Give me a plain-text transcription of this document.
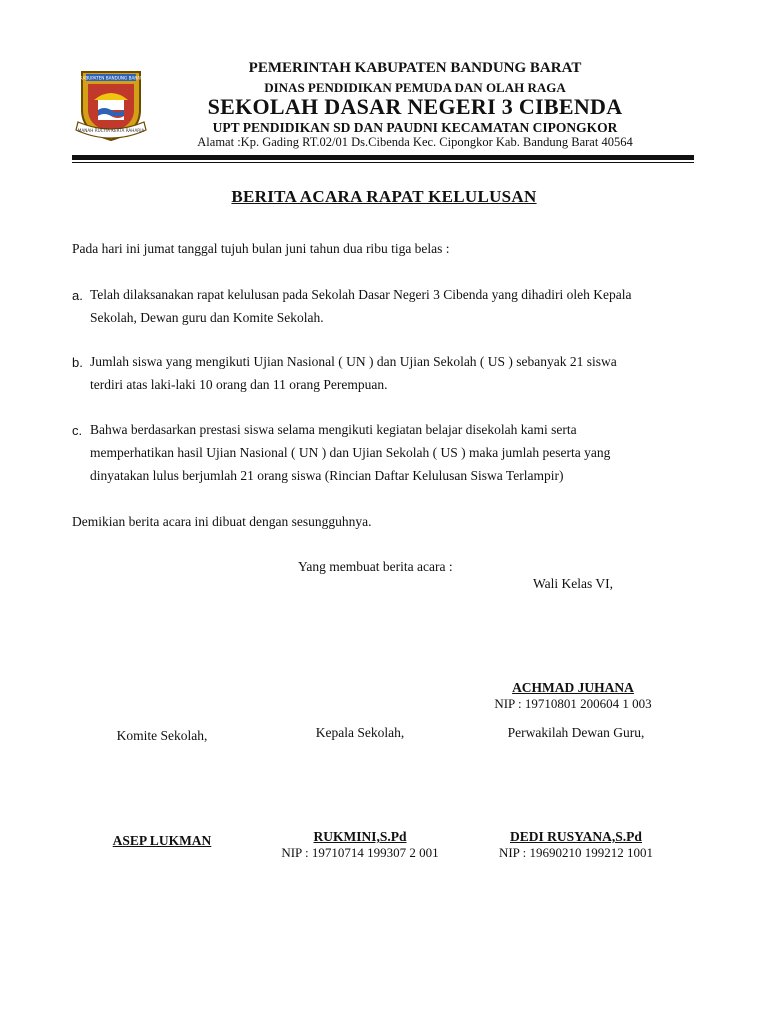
KABUPATEN BANDUNG BARAT
MANAH RUCITA KERTA RAHARJA
PEMERINTAH KABUPATEN BANDUNG BARAT
DINAS PENDIDIKAN PEMUDA DAN OLAH RAGA
SEKOLAH DASAR NEGERI 3 CIBENDA
UPT PENDIDIKAN SD DAN PAUDNI KECAMATAN CIPONGKOR
Alamat :Kp. Gading RT.02/01 Ds.Cibenda Kec. Cipongkor Kab. Bandung Barat 40564
BERITA ACARA RAPAT KELULUSAN
Pada hari ini jumat tanggal tujuh bulan juni tahun dua ribu tiga belas :
a. Telah dilaksanakan rapat kelulusan pada Sekolah Dasar Negeri 3 Cibenda yang dihadiri oleh Kepala
Sekolah, Dewan guru dan Komite Sekolah.
b. Jumlah siswa yang mengikuti Ujian Nasional ( UN ) dan Ujian Sekolah ( US ) sebanyak 21 siswa
terdiri atas laki-laki 10 orang dan 11 orang Perempuan.
c. Bahwa berdasarkan prestasi siswa selama mengikuti kegiatan belajar disekolah kami serta
memperhatikan hasil Ujian Nasional ( UN ) dan Ujian Sekolah ( US ) maka jumlah peserta yang
dinyatakan lulus berjumlah 21 orang siswa (Rincian Daftar Kelulusan Siswa Terlampir)
Demikian berita acara ini dibuat dengan sesungguhnya.
Yang membuat berita acara :
Wali Kelas VI,
ACHMAD JUHANA
NIP : 19710801 200604 1 003
Komite Sekolah,	Kepala Sekolah,	Perwakilah Dewan Guru,
ASEP LUKMAN	RUKMINI,S.Pd
NIP : 19710714 199307 2 001
DEDI RUSYANA,S.Pd
NIP : 19690210 199212 1001
